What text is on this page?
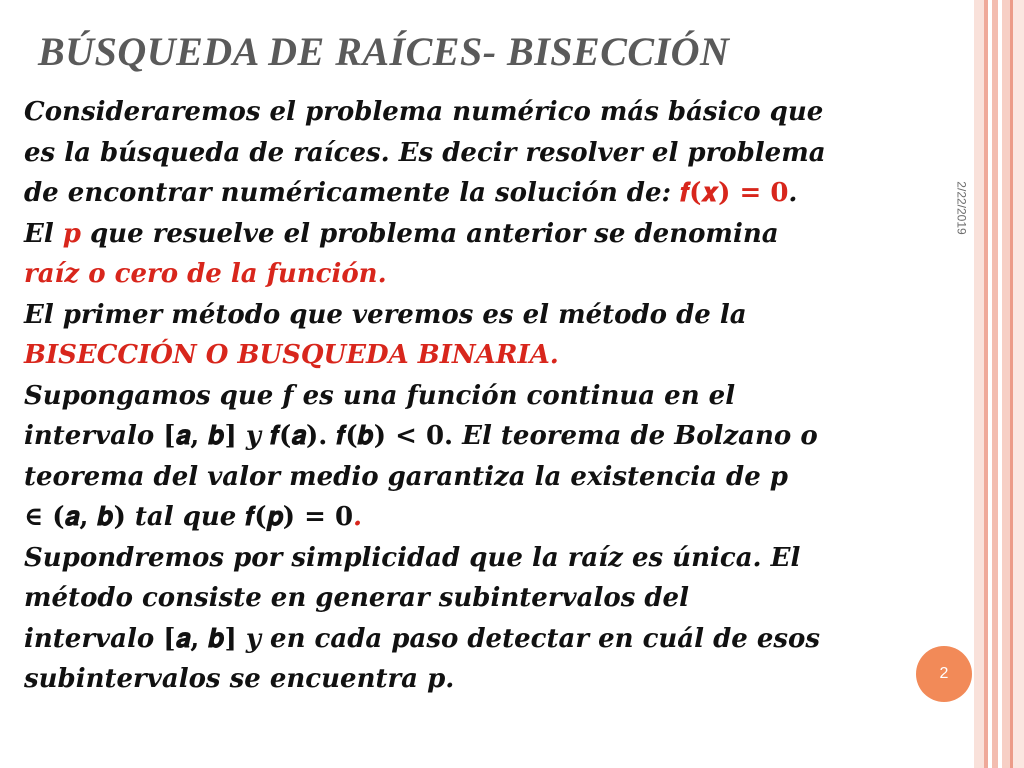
2/22/2019
BÚSQUEDA DE RAÍCES- BISECCIÓN
Consideraremos el problema numérico más básico que
es la búsqueda de raíces. Es decir resolver el problema
de encontrar numéricamente la solución de: 𝒇(𝒙) = 𝟎.
El p que resuelve el problema anterior se denomina
raíz o cero de la función.
El primer método que veremos es el método de la
BISECCIÓN O BUSQUEDA BINARIA.
Supongamos que f es una función continua en el
intervalo [𝒂, 𝒃] y 𝒇(𝒂). 𝒇(𝒃) < 𝟎. El teorema de Bolzano o
teorema del valor medio garantiza la existencia de p
∈ (𝒂, 𝒃) tal que 𝒇(𝒑) = 𝟎.
Supondremos por simplicidad que la raíz es única. El
método consiste en generar subintervalos del
intervalo [𝒂, 𝒃] y en cada paso detectar en cuál de esos
subintervalos se encuentra p.	2
